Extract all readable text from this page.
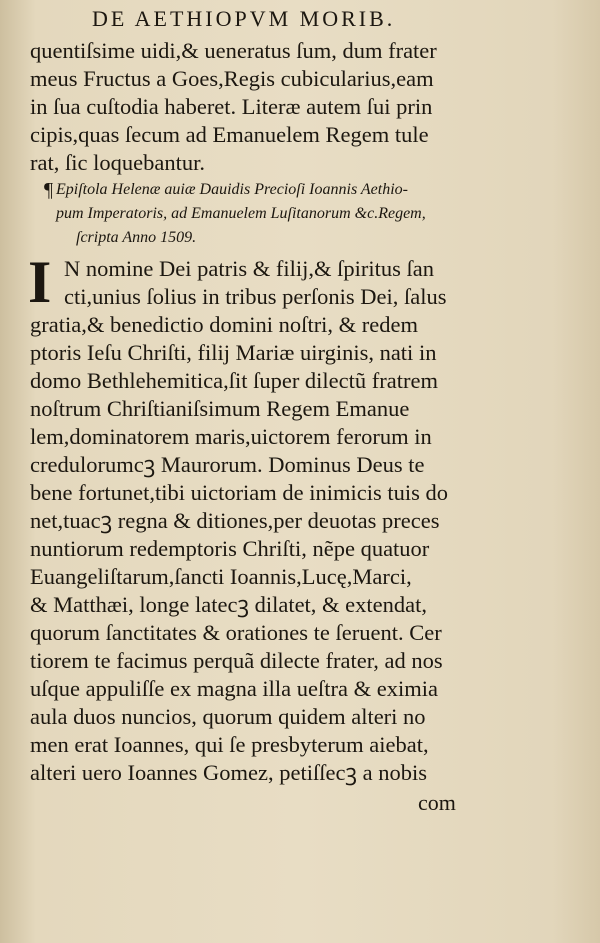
DE AETHIOPVM MORIB.
quentiſsime uidi,& ueneratus ſum, dum frater
meus Fructus a Goes,Regis cubicularius,eam
in ſua cuſtodia haberet. Literæ autem ſui prin
cipis,quas ſecum ad Emanuelem Regem tule
rat, ſic loquebantur.
¶ Epiſtola Helenæ auiæ Dauidis Precioſi Ioannis Aethio-
pum Imperatoris, ad Emanuelem Luſitanorum &c.Regem,
ſcripta Anno 1509.
I N nomine Dei patris & filij,& ſpiritus ſan
cti,unius ſolius in tribus perſonis Dei, ſalus
gratia,& benedictio domini noſtri, & redem
ptoris Ieſu Chriſti, filij Mariæ uirginis, nati in
domo Bethlehemitica,ſit ſuper dilectũ fratrem
noſtrum Chriſtianiſsimum Regem Emanue
lem,dominatorem maris,uictorem ferorum in
credulorumcꝫ Maurorum. Dominus Deus te
bene fortunet,tibi uictoriam de inimicis tuis do
net,tuacꝫ regna & ditiones,per deuotas preces
nuntiorum redemptoris Chriſti, nẽpe quatuor
Euangeliſtarum,ſancti Ioannis,Lucę,Marci,
& Matthæi, longe latecꝫ dilatet, & extendat,
quorum ſanctitates & orationes te ſeruent. Cer
tiorem te facimus perquã dilecte frater, ad nos
uſque appuliſſe ex magna illa ueſtra & eximia
aula duos nuncios, quorum quidem alteri no
men erat Ioannes, qui ſe presbyterum aiebat,
alteri uero Ioannes Gomez, petiſſecꝫ a nobis
com
